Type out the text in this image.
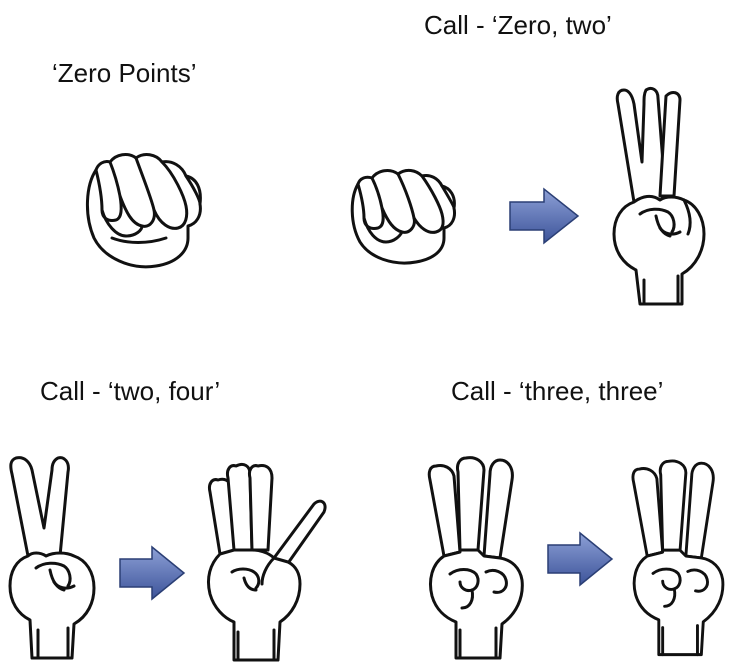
‘Zero Points’
Call - ‘Zero, two’
Call - ‘two, four’	Call - ‘three, three’
